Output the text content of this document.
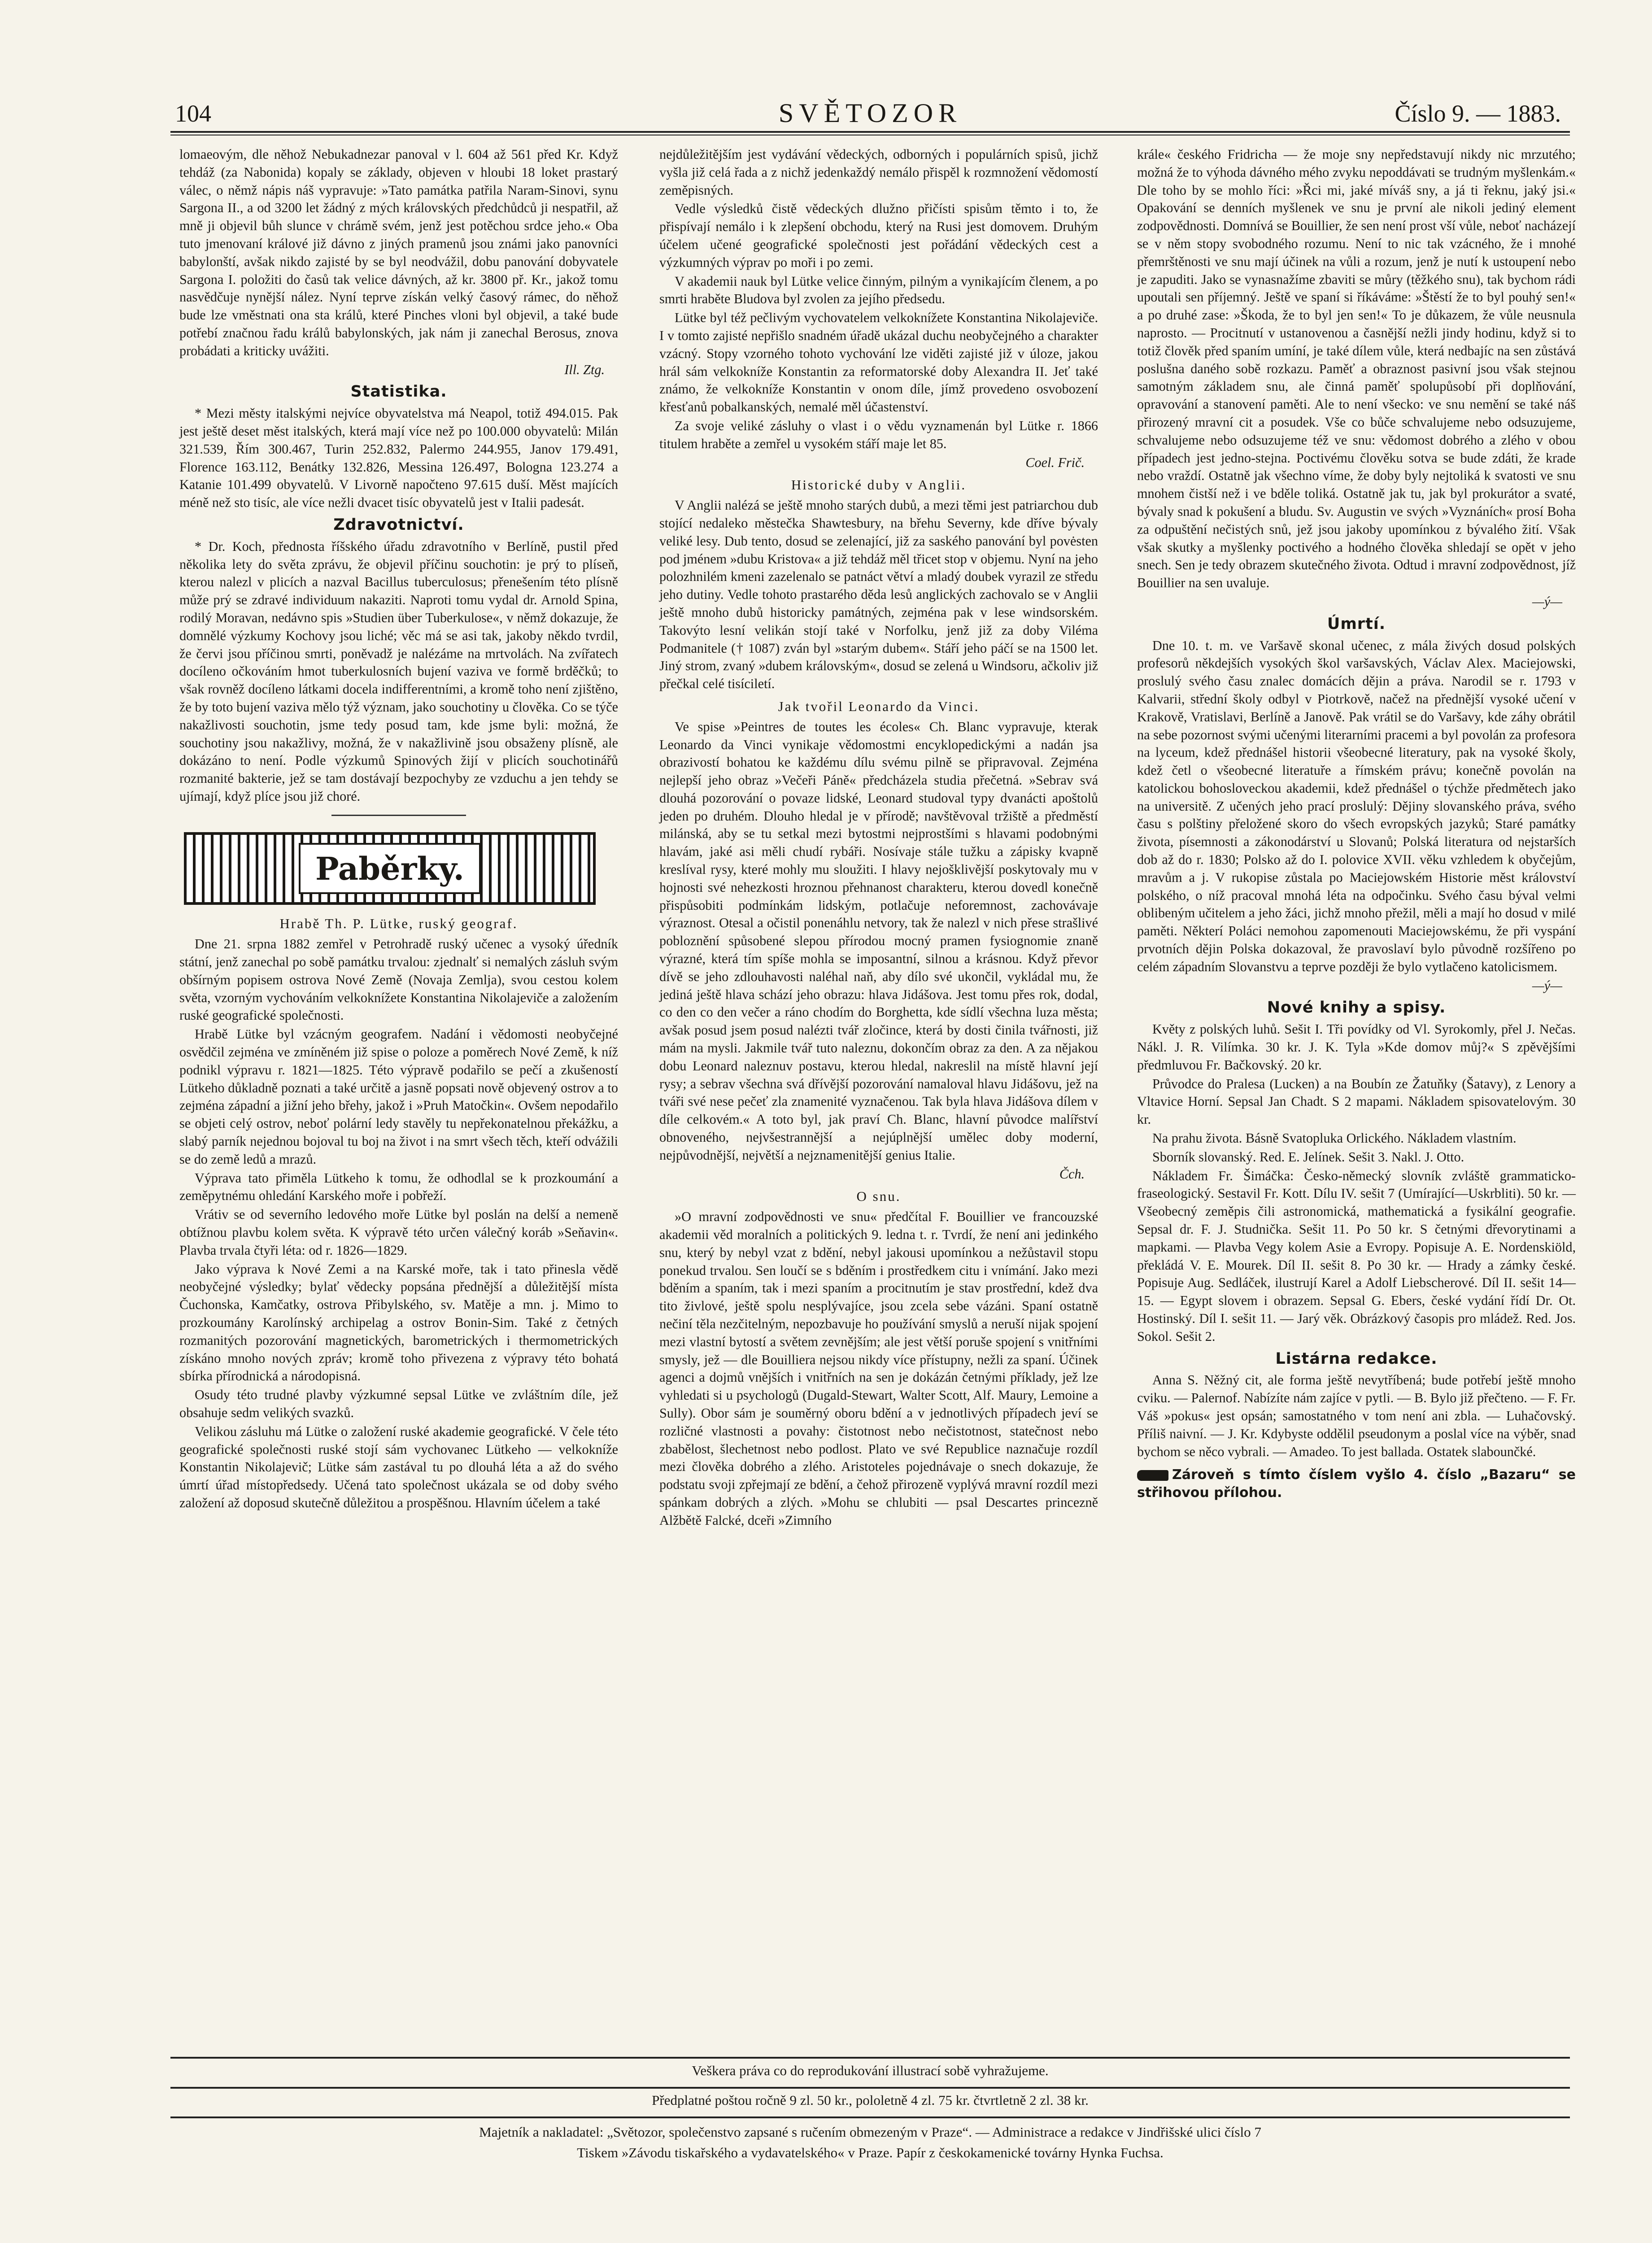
104	SVĚTOZOR	Číslo 9. — 1883.

lomaeovým, dle něhož Nebukadnezar panoval v l. 604 až 561 před Kr. Když tehdáž (za Nabonida) kopaly se základy, objeven v hloubi 18 loket prastarý válec, o němž nápis náš vypravuje: »Tato památka patřila Naram-Sinovi, synu Sargona II., a od 3200 let žádný z mých královských předchůdců ji nespatřil, až mně ji objevil bůh slunce v chrámě svém, jenž jest potěchou srdce jeho.« Oba tuto jmenovaní králové již dávno z jiných pramenů jsou známi jako panovníci babylonští, avšak nikdo zajisté by se byl neodvážil, dobu panování dobyvatele Sargona I. položiti do časů tak velice dávných, až kr. 3800 př. Kr., jakož tomu nasvědčuje nynější nález. Nyní teprve získán velký časový rámec, do něhož bude lze vměstnati ona sta králů, které Pinches vloni byl objevil, a také bude potřebí značnou řadu králů babylonských, jak nám ji zanechal Berosus, znova probádati a kriticky uvážiti.

Ill. Ztg.
Statistika.

* Mezi městy italskými nejvíce obyvatelstva má Neapol, totiž 494.015. Pak jest ještě deset měst italských, která mají více než po 100.000 obyvatelů: Milán 321.539, Řím 300.467, Turin 252.832, Palermo 244.955, Janov 179.491, Florence 163.112, Benátky 132.826, Messina 126.497, Bologna 123.274 a Katanie 101.499 obyvatelů. V Livorně napočteno 97.615 duší. Měst majících méně než sto tisíc, ale více nežli dvacet tisíc obyvatelů jest v Italii padesát.

Zdravotnictví.

* Dr. Koch, přednosta říšského úřadu zdravotního v Berlíně, pustil před několika lety do světa zprávu, že objevil příčinu souchotin: je prý to plíseň, kterou nalezl v plicích a nazval Bacillus tuberculosus; přenešením této plísně může prý se zdravé individuum nakaziti. Naproti tomu vydal dr. Arnold Spina, rodilý Moravan, nedávno spis »Studien über Tuberkulose«, v němž dokazuje, že domnělé výzkumy Kochovy jsou liché; věc má se asi tak, jakoby někdo tvrdil, že červi jsou příčinou smrti, poněvadž je nalézáme na mrtvolách. Na zvířatech docíleno očkováním hmot tuberkulosních bujení vaziva ve formě brděčků; to však rovněž docíleno látkami docela indifferentními, a kromě toho není zjištěno, že by toto bujení vaziva mělo týž význam, jako souchotiny u člověka. Co se týče nakažlivosti souchotin, jsme tedy posud tam, kde jsme byli: možná, že souchotiny jsou nakažlivy, možná, že v nakažlivině jsou obsaženy plísně, ale dokázáno to není. Podle výzkumů Spinových žijí v plicích souchotinářů rozmanité bakterie, jež se tam dostávají bezpochyby ze vzduchu a jen tehdy se ujímají, když plíce jsou již choré.

Paběrky.
Hrabě Th. P. Lütke, ruský geograf.

Dne 21. srpna 1882 zemřel v Petrohradě ruský učenec a vysoký úředník státní, jenž zanechal po sobě památku trvalou: zjednalť si nemalých zásluh svým obšírným popisem ostrova Nové Země (Novaja Zemlja), svou cestou kolem světa, vzorným vychováním velkoknížete Konstantina Nikolajeviče a založením ruské geografické společnosti.

Hrabě Lütke byl vzácným geografem. Nadání i vědomosti neobyčejné osvědčil zejména ve zmíněném již spise o poloze a poměrech Nové Země, k níž podnikl výpravu r. 1821—1825. Této výpravě podařilo se pečí a zkušeností Lütkeho důkladně poznati a také určitě a jasně popsati nově objevený ostrov a to zejména západní a jižní jeho břehy, jakož i »Pruh Matočkin«. Ovšem nepodařilo se objeti celý ostrov, neboť polární ledy stavěly tu nepřekonatelnou překážku, a slabý parník nejednou bojoval tu boj na život i na smrt všech těch, kteří odvážili se do země ledů a mrazů.

Výprava tato přiměla Lütkeho k tomu, že odhodlal se k prozkoumání a zeměpytnému ohledání Karského moře i pobřeží.

Vrátiv se od severního ledového moře Lütke byl poslán na delší a nemeně obtížnou plavbu kolem světa. K výpravě této určen válečný koráb »Seňavin«. Plavba trvala čtyři léta: od r. 1826—1829.

Jako výprava k Nové Zemi a na Karské moře, tak i tato přinesla vědě neobyčejné výsledky; bylať vědecky popsána přednější a důležitější místa Čuchonska, Kamčatky, ostrova Přibylského, sv. Matěje a mn. j. Mimo to prozkoumány Karolínský archipelag a ostrov Bonin-Sim. Také z četných rozmanitých pozorování magnetických, barometrických i thermometrických získáno mnoho nových zpráv; kromě toho přivezena z výpravy této bohatá sbírka přírodnická a národopisná.

Osudy této trudné plavby výzkumné sepsal Lütke ve zvláštním díle, jež obsahuje sedm velikých svazků.

Velikou zásluhu má Lütke o založení ruské akademie geografické. V čele této geografické společnosti ruské stojí sám vychovanec Lütkeho — velkokníže Konstantin Nikolajevič; Lütke sám zastával tu po dlouhá léta a až do svého úmrtí úřad místopředsedy. Učená tato společnost ukázala se od doby svého založení až doposud skutečně důležitou a prospěšnou. Hlavním účelem a také

nejdůležitějším jest vydávání vědeckých, odborných i populárních spisů, jichž vyšla již celá řada a z nichž jedenkaždý nemálo přispěl k rozmnožení vědomostí zeměpisných.

Vedle výsledků čistě vědeckých dlužno přičísti spisům těmto i to, že přispívají nemálo i k zlepšení obchodu, který na Rusi jest domovem. Druhým účelem učené geografické společnosti jest pořádání vědeckých cest a výzkumných výprav po moři i po zemi.

V akademii nauk byl Lütke velice činným, pilným a vynikajícím členem, a po smrti hraběte Bludova byl zvolen za jejího předsedu.

Lütke byl též pečlivým vychovatelem velkoknížete Konstantina Nikolajeviče. I v tomto zajisté nepřišlo snadném úřadě ukázal duchu neobyčejného a charakter vzácný. Stopy vzorného tohoto vychování lze viděti zajisté již v úloze, jakou hrál sám velkokníže Konstantin za reformatorské doby Alexandra II. Jeť také známo, že velkokníže Konstantin v onom díle, jímž provedeno osvobození křesťanů pobalkanských, nemalé měl účastenství.

Za svoje veliké zásluhy o vlast i o vědu vyznamenán byl Lütke r. 1866 titulem hraběte a zemřel u vysokém stáří maje let 85.

Coel. Frič.
Historické duby v Anglii.

V Anglii nalézá se ještě mnoho starých dubů, a mezi těmi jest patriarchou dub stojící nedaleko městečka Shawtesbury, na břehu Severny, kde dříve bývaly veliké lesy. Dub tento, dosud se zelenající, již za saského panování byl povėsten pod jménem »dubu Kristova« a již tehdáž měl třicet stop v objemu. Nyní na jeho polozhnilém kmeni zazelenalo se patnáct větví a mladý doubek vyrazil ze středu jeho dutiny. Vedle tohoto prastarého děda lesů anglických zachovalo se v Anglii ještě mnoho dubů historicky památných, zejména pak v lese windsorském. Takovýto lesní velikán stojí také v Norfolku, jenž již za doby Viléma Podmanitele († 1087) zván byl »starým dubem«. Stáří jeho páčí se na 1500 let. Jiný strom, zvaný »dubem královským«, dosud se zelená u Windsoru, ačkoliv již přečkal celé tisíciletí.

Jak tvořil Leonardo da Vinci.

Ve spise »Peintres de toutes les écoles« Ch. Blanc vypravuje, kterak Leonardo da Vinci vynikaje vědomostmi encyklopedickými a nadán jsa obrazivostí bohatou ke každému dílu svému pilně se připravoval. Zejména nejlepší jeho obraz »Večeři Páně« předcházela studia přečetná. »Sebrav svá dlouhá pozorování o povaze lidské, Leonard studoval typy dvanácti apoštolů jeden po druhém. Dlouho hledal je v přírodě; navštěvoval tržiště a předměstí milánská, aby se tu setkal mezi bytostmi nejprostšími s hlavami podobnými hlavám, jaké asi měli chudí rybáři. Nosívaje stále tužku a zápisky kvapně kreslíval rysy, které mohly mu sloužiti. I hlavy nejošklivější poskytovaly mu v hojnosti své nehezkosti hroznou přehnanost charakteru, kterou dovedl konečně přispůsobiti podmínkám lidským, potlačuje neforemnost, zachovávaje výraznost. Otesal a očistil ponenáhlu netvory, tak že nalezl v nich přese strašlivé pobloznění spůsobené slepou přírodou mocný pramen fysiognomie znaně výrazné, která tím spíše mohla se imposantní, silnou a krásnou. Když převor dívě se jeho zdlouhavosti naléhal naň, aby dílo své ukončil, vykládal mu, že jediná ještě hlava schází jeho obrazu: hlava Jidášova. Jest tomu přes rok, dodal, co den co den večer a ráno chodím do Borghetta, kde sídlí všechna luza města; avšak posud jsem posud nalézti tvář zločince, která by dosti činila tvářnosti, již mám na mysli. Jakmile tvář tuto naleznu, dokončím obraz za den. A za nějakou dobu Leonard naleznuv postavu, kterou hledal, nakreslil na místě hlavní její rysy; a sebrav všechna svá dřívější pozorování namaloval hlavu Jidášovu, jež na tváři své nese pečeť zla znamenité vyznačenou. Tak byla hlava Jidášova dílem v díle celkovém.« A toto byl, jak praví Ch. Blanc, hlavní původce malířství obnoveného, nejvšestrannější a nejúplnější umělec doby moderní, nejpůvodnější, největší a nejznamenitější genius Italie.

Čch.
O snu.

»O mravní zodpovědnosti ve snu« předčítal F. Bouillier ve francouzské akademii věd moralních a politických 9. ledna t. r. Tvrdí, že není ani jedinkého snu, který by nebyl vzat z bdění, nebyl jakousi upomínkou a nežůstavil stopu ponekud trvalou. Sen loučí se s bděním i prostředkem citu i vnímání. Jako mezi bděním a spaním, tak i mezi spaním a procitnutím je stav prostřední, kdež dva tito živlové, ještě spolu nesplývajíce, jsou zcela sebe vázáni. Spaní ostatně nečiní těla nezčitelným, nepozbavuje ho používání smyslů a neruší nijak spojení mezi vlastní bytostí a světem zevnějším; ale jest větší poruše spojení s vnitřními smysly, jež — dle Bouilliera nejsou nikdy více přístupny, nežli za spaní. Účinek agenci a dojmů vnějších i vnitřních na sen je dokázán četnými příklady, jež lze vyhledati si u psychologů (Dugald-Stewart, Walter Scott, Alf. Maury, Lemoine a Sully). Obor sám je souměrný oboru bdění a v jednotlivých případech jeví se rozličné vlastnosti a povahy: čistotnost nebo nečistotnost, statečnost nebo zbabělost, šlechetnost nebo podlost. Plato ve své Republice naznačuje rozdíl mezi člověka dobrého a zlého. Aristoteles pojednávaje o snech dokazuje, že podstatu svoji zpřejmají ze bdění, a čehož přirozeně vyplývá mravní rozdíl mezi spánkam dobrých a zlých. »Mohu se chlubiti — psal Descartes princezně Alžbětě Falcké, dceři »Zimního

krále« českého Fridricha — že moje sny nepředstavují nikdy nic mrzutého; možná že to výhoda dávného mého zvyku nepoddávati se trudným myšlenkám.« Dle toho by se mohlo říci: »Řci mi, jaké míváš sny, a já ti řeknu, jaký jsi.« Opakování se denních myšlenek ve snu je první ale nikoli jediný element zodpovědnosti. Domnívá se Bouillier, že sen není prost vší vůle, neboť nacházejí se v něm stopy svobodného rozumu. Není to nic tak vzácného, že i mnohé přemrštěnosti ve snu mají účinek na vůli a rozum, jenž je nutí k ustoupení nebo je zapuditi. Jako se vynasnažíme zbaviti se můry (těžkého snu), tak bychom rádi upoutali sen příjemný. Ještě ve spaní si říkáváme: »Štěstí že to byl pouhý sen!« a po druhé zase: »Škoda, že to byl jen sen!« To je důkazem, že vůle neusnula naprosto. — Procitnutí v ustanovenou a časnější nežli jindy hodinu, když si to totiž člověk před spaním umíní, je také dílem vůle, která nedbajíc na sen zůstává poslušna daného sobě rozkazu. Paměť a obraznost pasivní jsou však stejnou samotným základem snu, ale činná paměť spolupůsobí při doplňování, opravování a stanovení paměti. Ale to není všecko: ve snu nemění se také náš přirozený mravní cit a posudek. Vše co bůče schvalujeme nebo odsuzujeme, schvalujeme nebo odsuzujeme též ve snu: vědomost dobrého a zlého v obou případech jest jedno-stejna. Poctivému člověku sotva se bude zdáti, že krade nebo vraždí. Ostatně jak všechno víme, že doby byly nejtoliká k svatosti ve snu mnohem čistší než i ve bděle toliká. Ostatně jak tu, jak byl prokurátor a svaté, bývaly snad k pokušení a bludu. Sv. Augustin ve svých »Vyznáních« prosí Boha za odpuštění nečistých snů, jež jsou jakoby upomínkou z bývalého žití. Však však skutky a myšlenky poctivého a hodného člověka shledají se opět v jeho snech. Sen je tedy obrazem skutečného života. Odtud i mravní zodpovědnost, jíž Bouillier na sen uvaluje.

—ý—
Úmrtí.

Dne 10. t. m. ve Varšavě skonal učenec, z mála živých dosud polských profesorů někdejších vysokých škol varšavských, Václav Alex. Maciejowski, proslulý svého času znalec domácích dějin a práva. Narodil se r. 1793 v Kalvarii, střední školy odbyl v Piotrkově, načež na přednější vysoké učení v Krakově, Vratislavi, Berlíně a Janově. Pak vrátil se do Varšavy, kde záhy obrátil na sebe pozornost svými učenými literarními pracemi a byl povolán za profesora na lyceum, kdež přednášel historii všeobecné literatury, pak na vysoké školy, kdež četl o všeobecné literatuře a římském právu; konečně povolán na katolickou bohosloveckou akademii, kdež přednášel o týchže předmětech jako na universitě. Z učených jeho prací proslulý: Dějiny slovanského práva, svého času s polštiny přeložené skoro do všech evropských jazyků; Staré památky života, písemnosti a zákonodárství u Slovanů; Polská literatura od nejstarších dob až do r. 1830; Polsko až do I. polovice XVII. věku vzhledem k obyčejům, mravům a j. V rukopise zůstala po Maciejowském Historie měst království polského, o níž pracoval mnohá léta na odpočinku. Svého času býval velmi oblibeným učitelem a jeho žáci, jichž mnoho přežil, měli a mají ho dosud v milé paměti. Některí Poláci nemohou zapomenouti Maciejowskému, že při vyspání prvotních dějin Polska dokazoval, že pravoslaví bylo původně rozšířeno po celém západním Slovanstvu a teprve později že bylo vytlačeno katolicismem.

—ý—
Nové knihy a spisy.

Květy z polských luhů. Sešit I. Tři povídky od Vl. Syrokomly, přel J. Nečas. Nákl. J. R. Vilímka. 30 kr. J. K. Tyla »Kde domov můj?« S zpěvějšími předmluvou Fr. Bačkovský. 20 kr.

Průvodce do Pralesa (Lucken) a na Boubín ze Žatuňky (Šatavy), z Lenory a Vltavice Horní. Sepsal Jan Chadt. S 2 mapami. Nákladem spisovatelovým. 30 kr.

Na prahu života. Básně Svatopluka Orlického. Nákladem vlastním.

Sborník slovanský. Red. E. Jelínek. Sešit 3. Nakl. J. Otto.

Nákladem Fr. Šimáčka: Česko-německý slovník zvláště grammaticko-fraseologický. Sestavil Fr. Kott. Dílu IV. sešit 7 (Umírající—Uskrbliti). 50 kr. — Všeobecný zeměpis čili astronomická, mathematická a fysikální geografie. Sepsal dr. F. J. Studnička. Sešit 11. Po 50 kr. S četnými dřevorytinami a mapkami. — Plavba Vegy kolem Asie a Evropy. Popisuje A. E. Nordenskiöld, překládá V. E. Mourek. Díl II. sešit 8. Po 30 kr. — Hrady a zámky české. Popisuje Aug. Sedláček, ilustrují Karel a Adolf Liebscherové. Díl II. sešit 14—15. — Egypt slovem i obrazem. Sepsal G. Ebers, české vydání řídí Dr. Ot. Hostinský. Díl I. sešit 11. — Jarý věk. Obrázkový časopis pro mládež. Red. Jos. Sokol. Sešit 2.

Listárna redakce.

Anna S. Něžný cit, ale forma ještě nevytříbená; bude potřebí ještě mnoho cviku. — Palernof. Nabízíte nám zajíce v pytli. — B. Bylo již přečteno. — F. Fr. Váš »pokus« jest opsán; samostatného v tom není ani zbla. — Luhačovský. Příliš naivní. — J. Kr. Kdybyste oddělil pseudonym a poslal více na výběr, snad bychom se něco vybrali. — Amadeo. To jest ballada. Ostatek slabounčké.

Zároveň s tímto číslem vyšlo 4. číslo „Bazaru“ se střihovou přílohou.
Veškera práva co do reprodukování illustrací sobě vyhražujeme.
Předplatné poštou ročně 9 zl. 50 kr., pololetně 4 zl. 75 kr. čtvrtletně 2 zl. 38 kr.
Majetník a nakladatel: „Světozor, společenstvo zapsané s ručením obmezeným v Praze“. — Administrace a redakce v Jindřišské ulici číslo 7
Tiskem »Závodu tiskařského a vydavatelského« v Praze. Papír z českokamenické továrny Hynka Fuchsa.
